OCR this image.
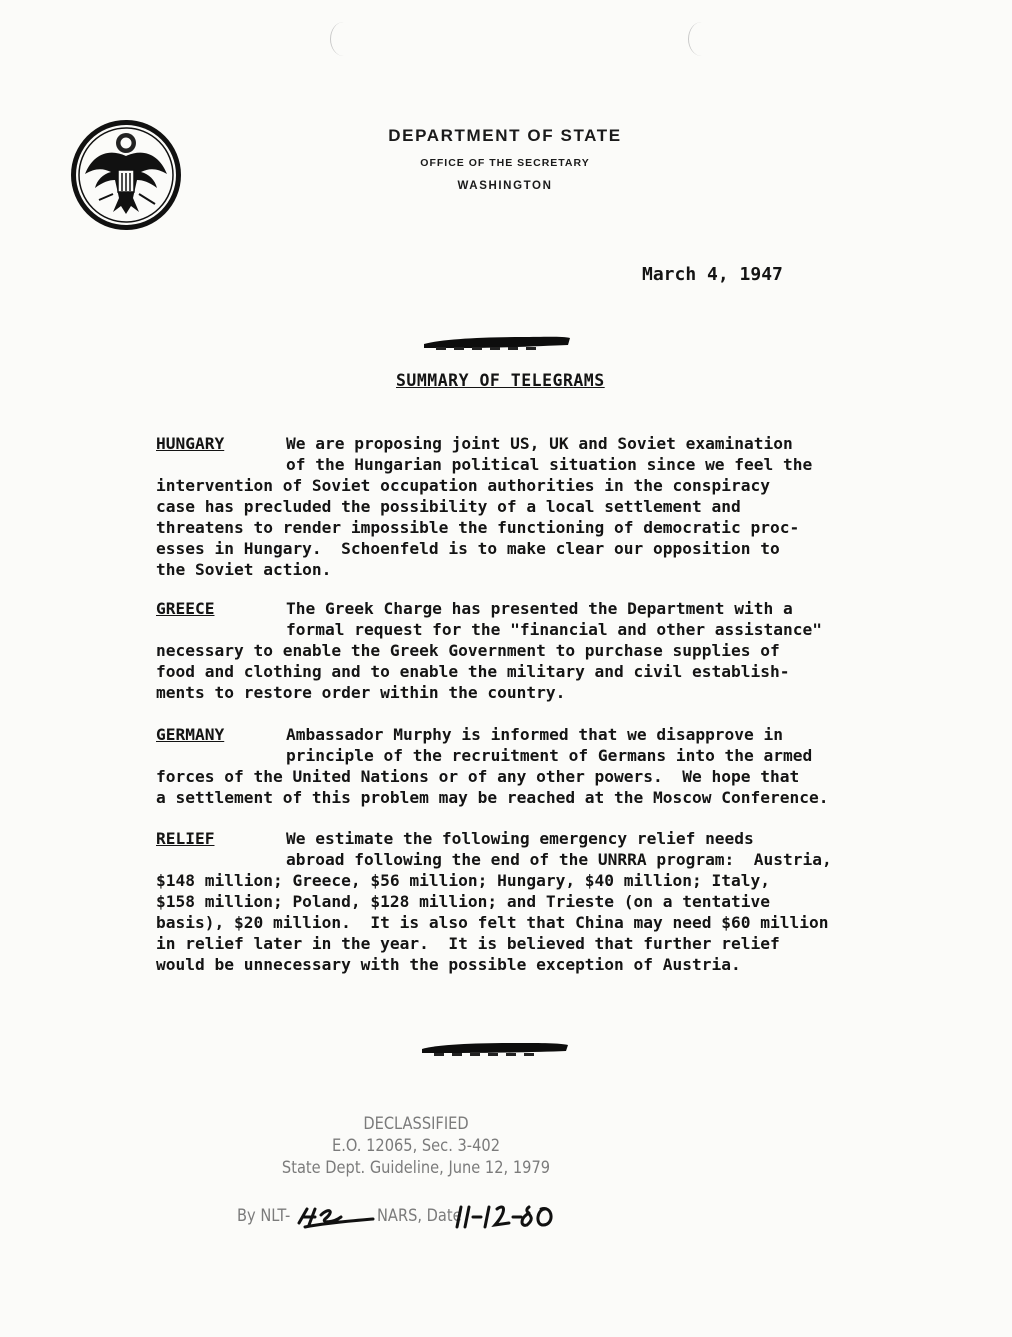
DEPARTMENT OF STATE
OFFICE OF THE SECRETARY
WASHINGTON
March 4, 1947
SUMMARY OF TELEGRAMS
HUNGARY	We are proposing joint US, UK and Soviet examination
of the Hungarian political situation since we feel the
intervention of Soviet occupation authorities in the conspiracy
case has precluded the possibility of a local settlement and
threatens to render impossible the functioning of democratic proc-
esses in Hungary.  Schoenfeld is to make clear our opposition to
the Soviet action.
GREECE	The Greek Charge has presented the Department with a
formal request for the "financial and other assistance"
necessary to enable the Greek Government to purchase supplies of
food and clothing and to enable the military and civil establish-
ments to restore order within the country.
GERMANY	Ambassador Murphy is informed that we disapprove in
principle of the recruitment of Germans into the armed
forces of the United Nations or of any other powers.  We hope that
a settlement of this problem may be reached at the Moscow Conference.
RELIEF	We estimate the following emergency relief needs
abroad following the end of the UNRRA program:  Austria,
$148 million; Greece, $56 million; Hungary, $40 million; Italy,
$158 million; Poland, $128 million; and Trieste (on a tentative
basis), $20 million.  It is also felt that China may need $60 million
in relief later in the year.  It is believed that further relief
would be unnecessary with the possible exception of Austria.
DECLASSIFIED
E.O. 12065, Sec. 3-402
State Dept. Guideline, June 12, 1979
By NLT-	NARS, Date
